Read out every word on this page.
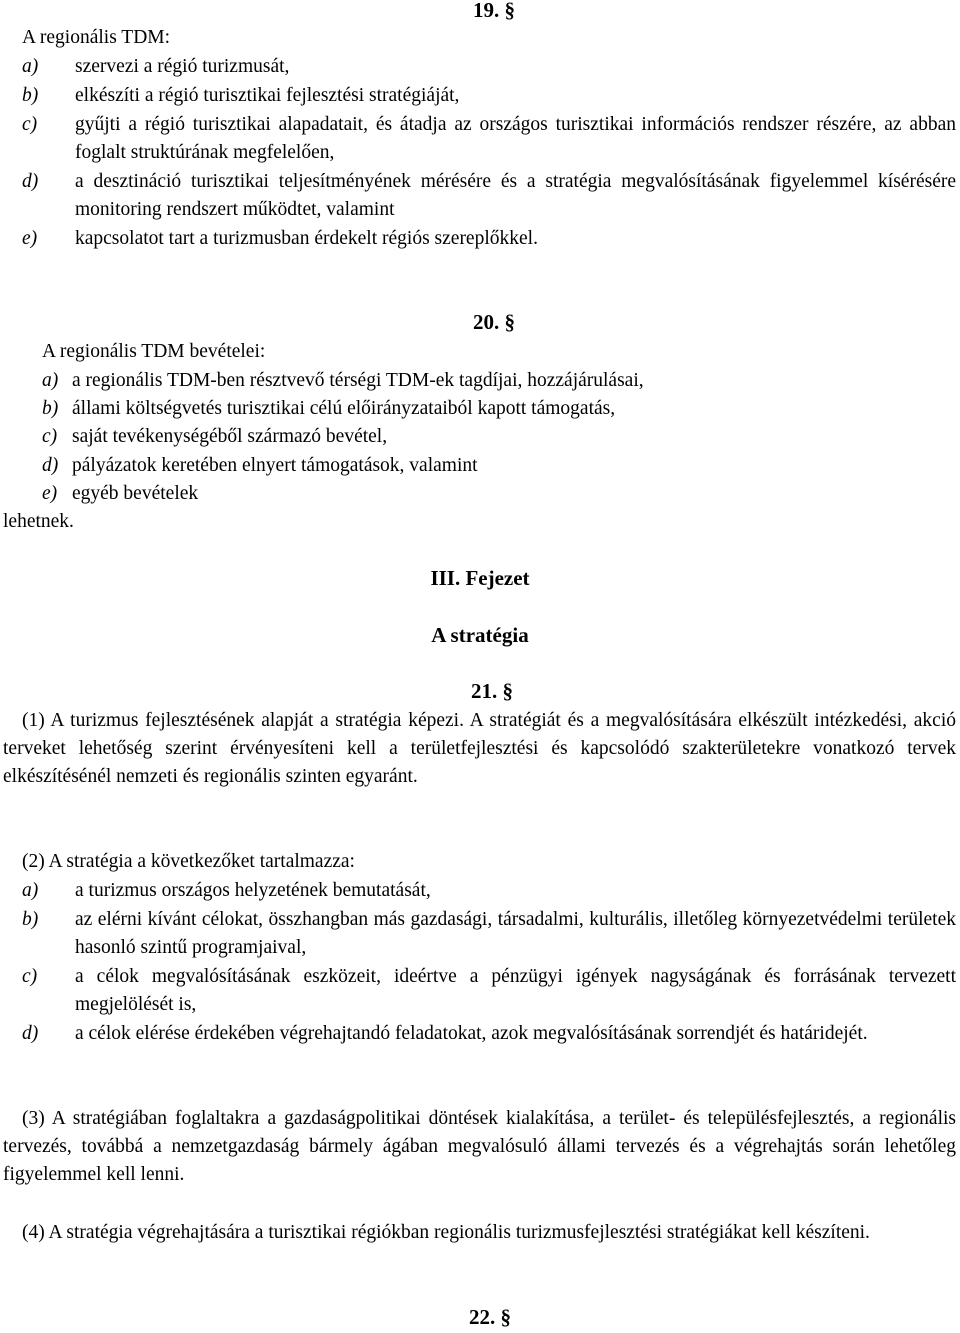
19. §
A regionális TDM:
a) szervezi a régió turizmusát,
b) elkészíti a régió turisztikai fejlesztési stratégiáját,
c) gyűjti a régió turisztikai alapadatait, és átadja az országos turisztikai információs rendszer részére, az abban foglalt struktúrának megfelelően,
d) a desztináció turisztikai teljesítményének mérésére és a stratégia megvalósításának figyelemmel kísérésére monitoring rendszert működtet, valamint
e) kapcsolatot tart a turizmusban érdekelt régiós szereplőkkel.
20. §
A regionális TDM bevételei:
a) a regionális TDM-ben résztvevő térségi TDM-ek tagdíjai, hozzájárulásai,
b) állami költségvetés turisztikai célú előirányzataiból kapott támogatás,
c) saját tevékenységéből származó bevétel,
d) pályázatok keretében elnyert támogatások, valamint
e) egyéb bevételek
lehetnek.
III. Fejezet
A stratégia
21. §
(1) A turizmus fejlesztésének alapját a stratégia képezi. A stratégiát és a megvalósítására elkészült intézkedési, akció terveket lehetőség szerint érvényesíteni kell a területfejlesztési és kapcsolódó szakterületekre vonatkozó tervek elkészítésénél nemzeti és regionális szinten egyaránt.
(2) A stratégia a következőket tartalmazza:
a) a turizmus országos helyzetének bemutatását,
b) az elérni kívánt célokat, összhangban más gazdasági, társadalmi, kulturális, illetőleg környezetvédelmi területek hasonló szintű programjaival,
c) a célok megvalósításának eszközeit, ideértve a pénzügyi igények nagyságának és forrásának tervezett megjelölését is,
d) a célok elérése érdekében végrehajtandó feladatokat, azok megvalósításának sorrendjét és határidejét.
(3) A stratégiában foglaltakra a gazdaságpolitikai döntések kialakítása, a terület- és településfejlesztés, a regionális tervezés, továbbá a nemzetgazdaság bármely ágában megvalósuló állami tervezés és a végrehajtás során lehetőleg figyelemmel kell lenni.
(4) A stratégia végrehajtására a turisztikai régiókban regionális turizmusfejlesztési stratégiákat kell készíteni.
22. §
